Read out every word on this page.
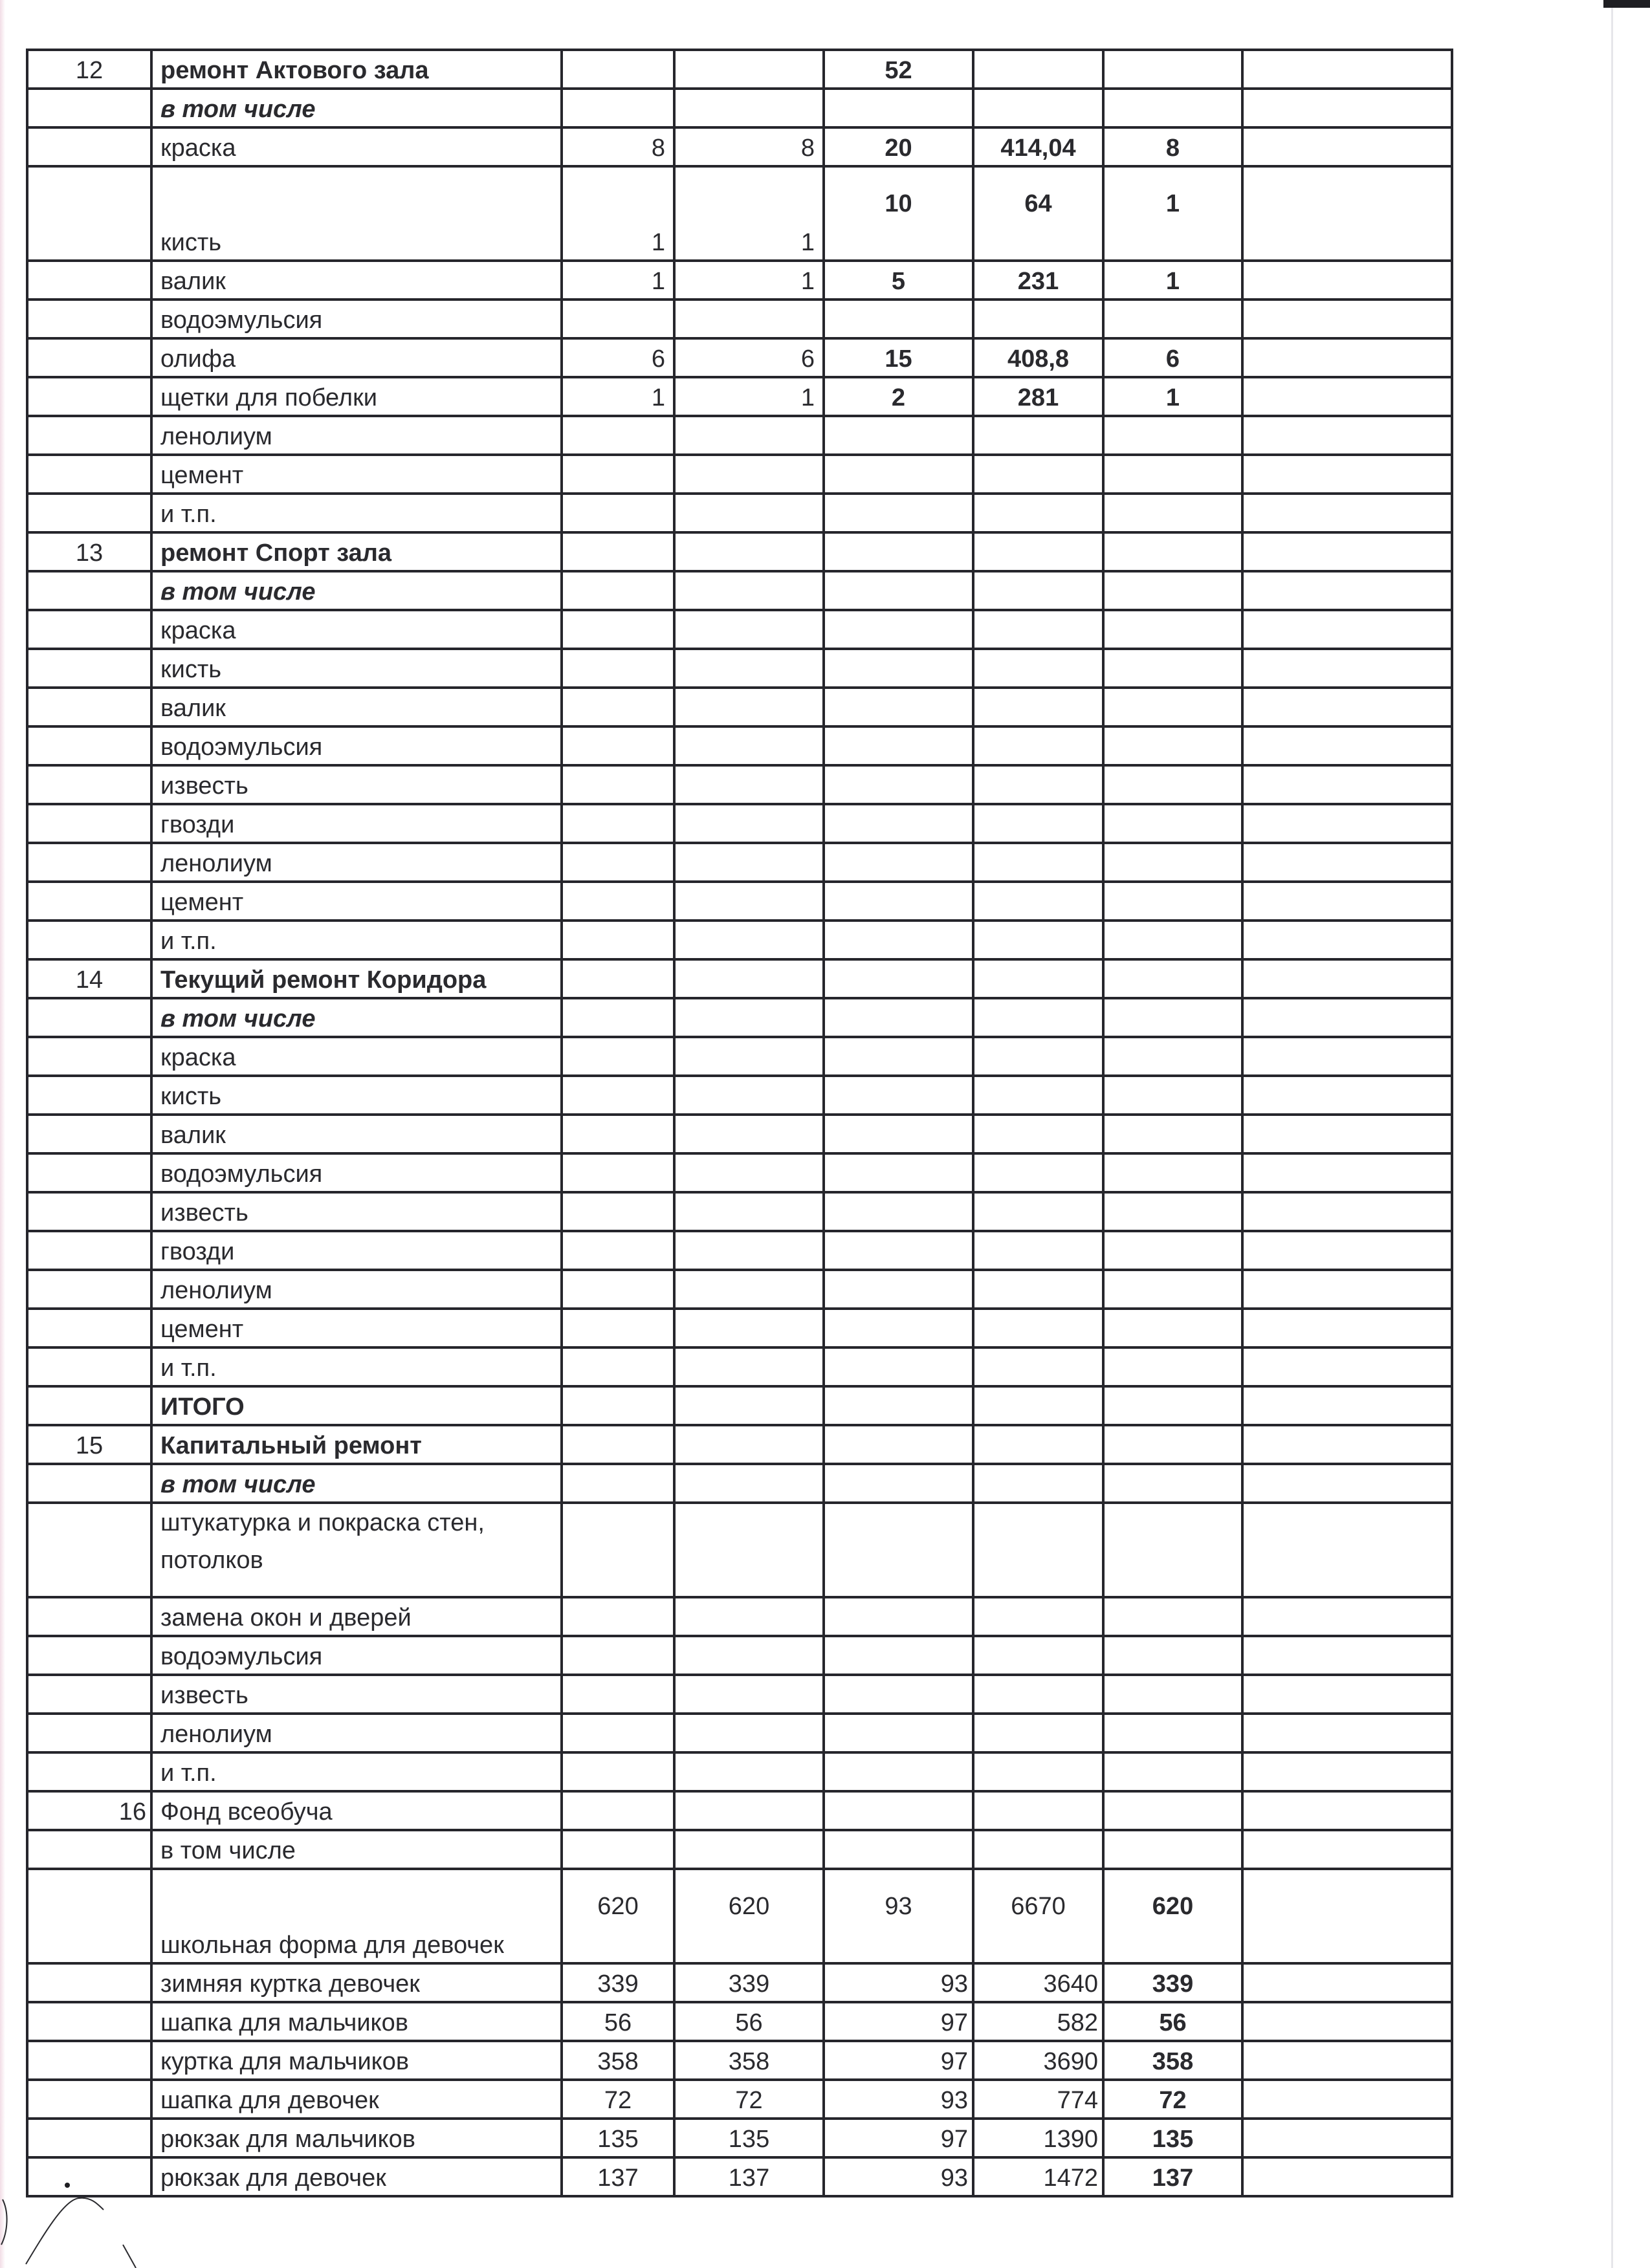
12	ремонт Актового зала			52			
	в том числе						
	краска	8	8	20	414,04	8	
	кисть	1	1	10	64	1	
	валик	1	1	5	231	1	
	водоэмульсия						
	олифа	6	6	15	408,8	6	
	щетки для побелки	1	1	2	281	1	
	ленолиум						
	цемент						
	и т.п.						
13	ремонт Спорт зала						
	в том числе						
	краска						
	кисть						
	валик						
	водоэмульсия						
	известь						
	гвозди						
	ленолиум						
	цемент						
	и т.п.						
14	Текущий ремонт Коридора						
	в том числе						
	краска						
	кисть						
	валик						
	водоэмульсия						
	известь						
	гвозди						
	ленолиум						
	цемент						
	и т.п.						
	ИТОГО						
15	Капитальный ремонт						
	в том числе						

	штукатурка и покраска стен,
потолков						

	замена окон и дверей						
	водоэмульсия						
	известь						
	ленолиум						
	и т.п.						
16	Фонд всеобуча						
	в том числе						
	школьная форма для девочек	620	620	93	6670	620	
	зимняя куртка девочек	339	339	93	3640	339	
	шапка для мальчиков	56	56	97	582	56	
	куртка для мальчиков	358	358	97	3690	358	
	шапка для девочек	72	72	93	774	72	
	рюкзак для мальчиков	135	135	97	1390	135	
	рюкзак для девочек	137	137	93	1472	137	
